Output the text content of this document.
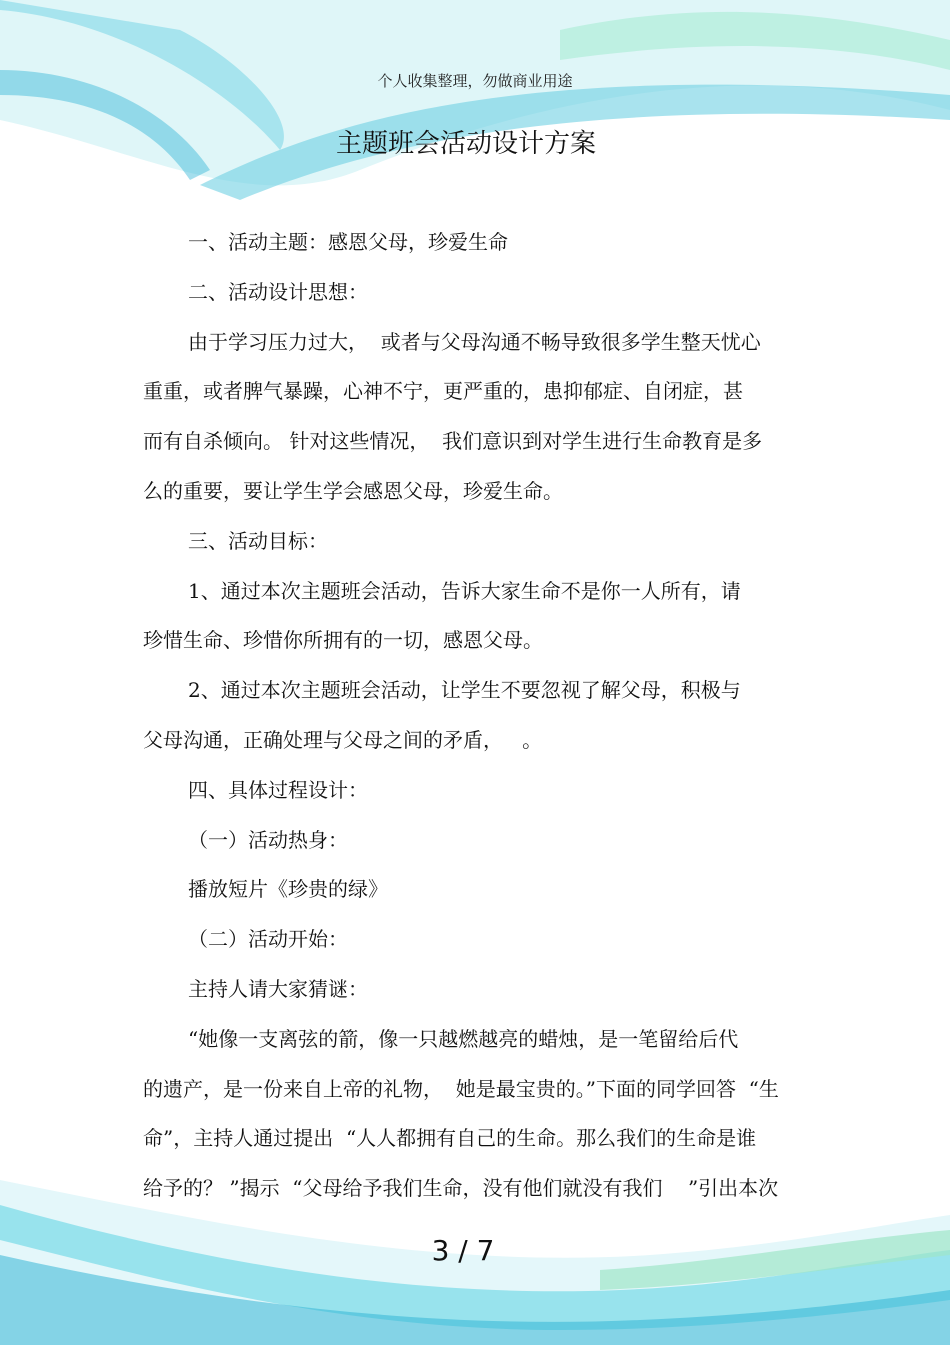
个人收集整理，勿做商业用途
主题班会活动设计方案
一、活动主题：感恩父母，珍爱生命
二、活动设计思想：
由于学习压力过大，  或者与父母沟通不畅导致很多学生整天忧心
重重，或者脾气暴躁，心神不宁，更严重的，患抑郁症、自闭症，甚
而有自杀倾向。 针对这些情况，  我们意识到对学生进行生命教育是多
么的重要，要让学生学会感恩父母，珍爱生命。
三、活动目标：
1、通过本次主题班会活动，告诉大家生命不是你一人所有，请
珍惜生命、珍惜你所拥有的一切，感恩父母。
2、通过本次主题班会活动，让学生不要忽视了解父母，积极与
父母沟通，正确处理与父母之间的矛盾，   。
四、具体过程设计：
（一）活动热身：
播放短片《珍贵的绿》
（二）活动开始：
主持人请大家猜谜：
“她像一支离弦的箭，像一只越燃越亮的蜡烛，是一笔留给后代
的遗产，是一份来自上帝的礼物，  她是最宝贵的。”下面的同学回答  “生
命”，主持人通过提出  “人人都拥有自己的生命。那么我们的生命是谁
给予的？ ”揭示  “父母给予我们生命，没有他们就没有我们    ”引出本次
3 / 7
